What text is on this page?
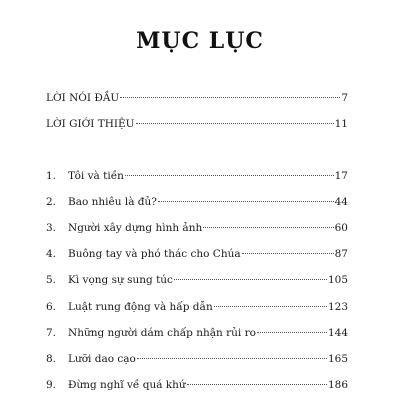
MỤC LỤC
LỜI NÓI ĐẦU	7
LỜI GIỚI THIỆU	11
1.	Tôi và tiền	17
2.	Bao nhiêu là đủ?	44
3.	Người xây dựng hình ảnh	60
4.	Buông tay và phó thác cho Chúa	87
5.	Kì vọng sự sung túc	105
6.	Luật rung động và hấp dẫn	123
7.	Những người dám chấp nhận rủi ro	144
8.	Lưỡi dao cạo	165
9.	Đừng nghĩ về quá khứ	186
